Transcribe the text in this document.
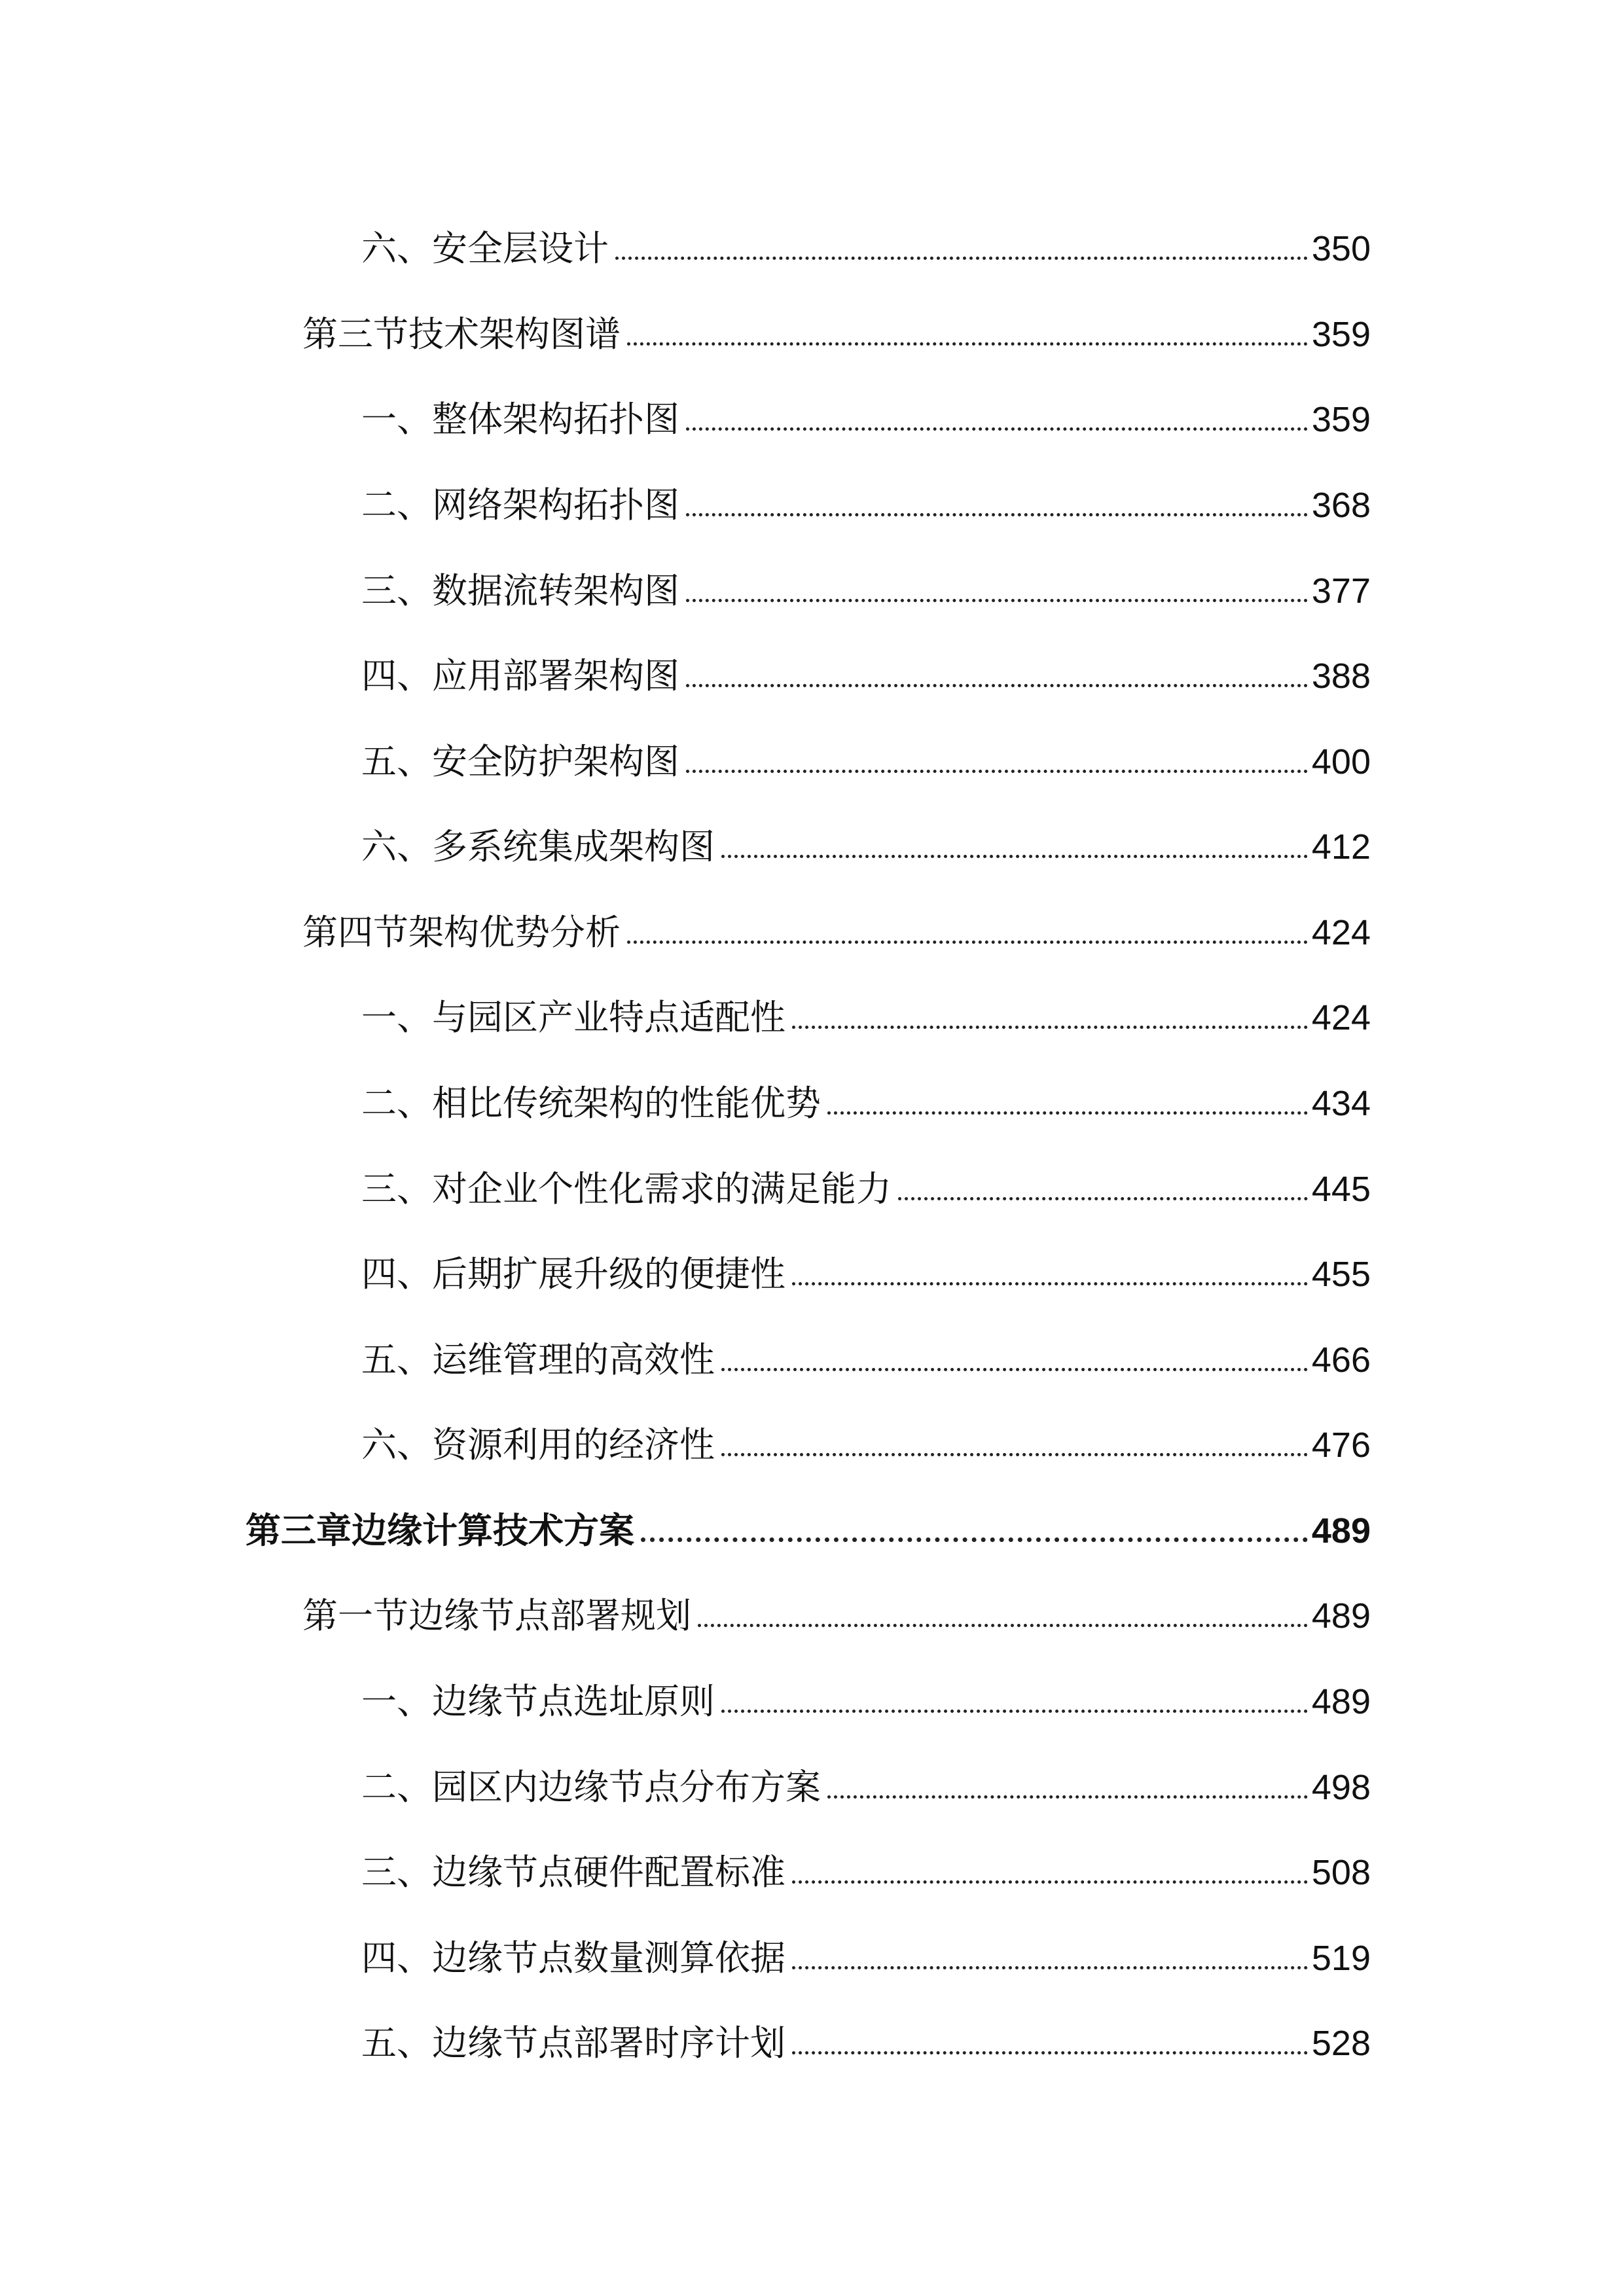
六、安全层设计	350
第三节技术架构图谱	359
一、整体架构拓扑图	359
二、网络架构拓扑图	368
三、数据流转架构图	377
四、应用部署架构图	388
五、安全防护架构图	400
六、多系统集成架构图	412
第四节架构优势分析	424
一、与园区产业特点适配性	424
二、相比传统架构的性能优势	434
三、对企业个性化需求的满足能力	445
四、后期扩展升级的便捷性	455
五、运维管理的高效性	466
六、资源利用的经济性	476
第三章边缘计算技术方案	489
第一节边缘节点部署规划	489
一、边缘节点选址原则	489
二、园区内边缘节点分布方案	498
三、边缘节点硬件配置标准	508
四、边缘节点数量测算依据	519
五、边缘节点部署时序计划	528
